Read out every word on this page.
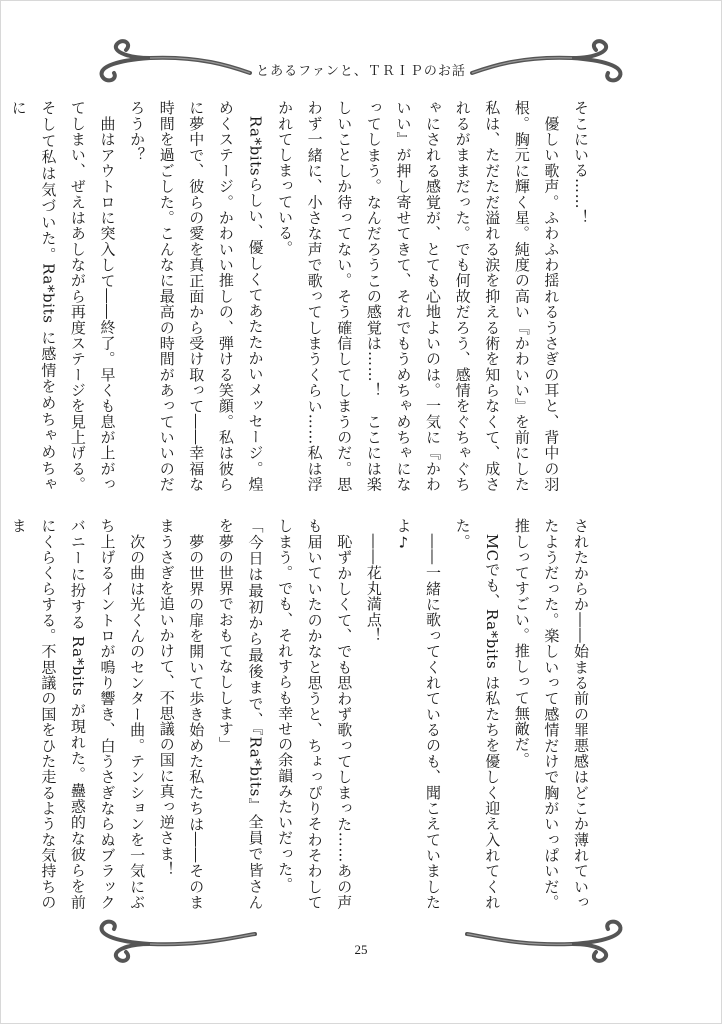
とあるファンと、ＴＲＩＰのお話

そこにいる……！

　優しい歌声。ふわふわ揺れるうさぎの耳と、背中の羽根。胸元に輝く星。純度の高い『かわいい』を前にした私は、ただただ溢れる涙を抑える術を知らなくて、成されるがままだった。でも何故だろう、感情をぐちゃぐちゃにされる感覚が、とても心地よいのは。一気に『かわいい』が押し寄せてきて、それでもうめちゃめちゃになってしまう。なんだろうこの感覚は……！　ここには楽しいことしか待ってない。そう確信してしまうのだ。思わず一緒に、小さな声で歌ってしまうくらい……私は浮かれてしまっている。

　Ra*bitsらしい、優しくてあたたかいメッセージ。煌めくステージ。かわいい推しの、弾ける笑顔。私は彼らに夢中で、彼らの愛を真正面から受け取って――幸福な時間を過ごした。こんなに最高の時間があっていいのだろうか？

　曲はアウトロに突入して――終了。早くも息が上がってしまい、ぜえはあしながら再度ステージを見上げる。そして私は気づいた。Ra*bits に感情をめちゃめちゃに

されたからか――始まる前の罪悪感はどこか薄れていったようだった。楽しいって感情だけで胸がいっぱいだ。推しってすごい。推しって無敵だ。

　MCでも、Ra*bits は私たちを優しく迎え入れてくれた。

　――一緒に歌ってくれているのも、聞こえていましたよ♪

　――花丸満点！

　恥ずかしくて、でも思わず歌ってしまった……あの声も届いていたのかなと思うと、ちょっぴりそわそわしてしまう。でも、それすらも幸せの余韻みたいだった。

「今日は最初から最後まで、『Ra*bits』全員で皆さんを夢の世界でおもてなしします」

　夢の世界の扉を開いて歩き始めた私たちは――そのままうさぎを追いかけて、不思議の国に真っ逆さま！

　次の曲は光くんのセンター曲。テンションを一気にぶち上げるイントロが鳴り響き、白うさぎならぬブラックバニーに扮する Ra*bits が現れた。蠱惑的な彼らを前にくらくらする。不思議の国をひた走るような気持ちのま

25
